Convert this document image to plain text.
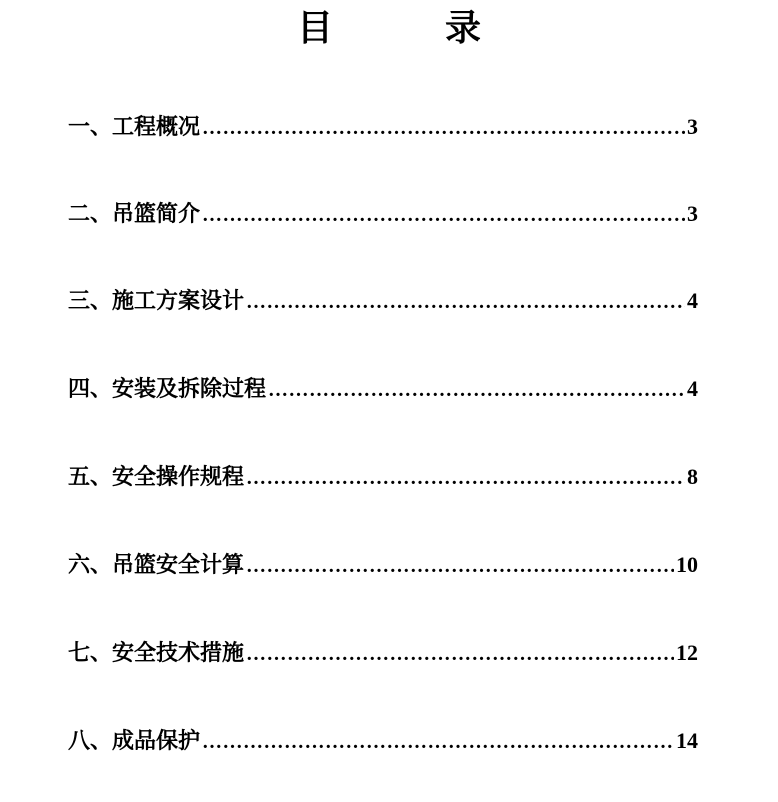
目	录
一、工程概况 ……………………………………………………………………………………………………………………………………	3
二、吊篮简介 ……………………………………………………………………………………………………………………………………	3
三、施工方案设计 ……………………………………………………………………………………………………………………………………	4
四、安装及拆除过程 ……………………………………………………………………………………………………………………………………	4
五、安全操作规程 ……………………………………………………………………………………………………………………………………	8
六、吊篮安全计算 ……………………………………………………………………………………………………………………………………	10
七、安全技术措施 ……………………………………………………………………………………………………………………………………	12
八、成品保护 ……………………………………………………………………………………………………………………………………	14
